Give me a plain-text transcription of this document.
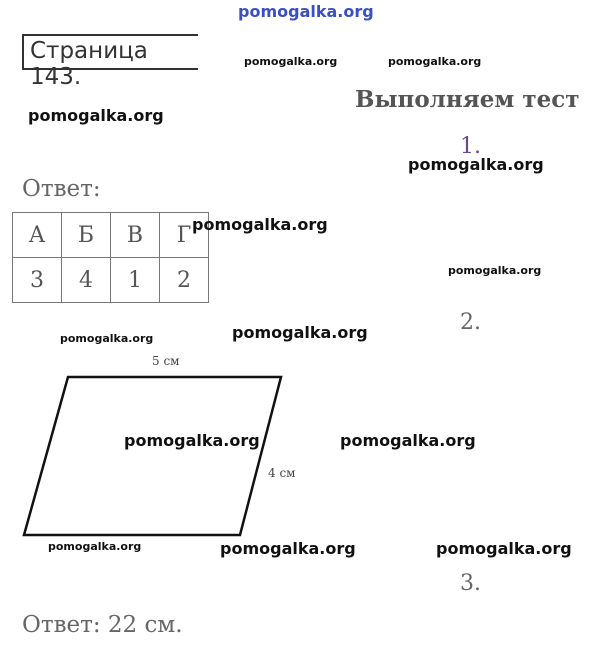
pomogalka.org
Страница 143.
pomogalka.org	pomogalka.org
Выполняем тест
pomogalka.org
1.
pomogalka.org
Ответ:
А	Б	В	Г
3	4	1	2
pomogalka.org
pomogalka.org
2.
pomogalka.org	pomogalka.org
5 см
4 см
pomogalka.org	pomogalka.org
pomogalka.org	pomogalka.org	pomogalka.org
3.
Ответ: 22 см.
